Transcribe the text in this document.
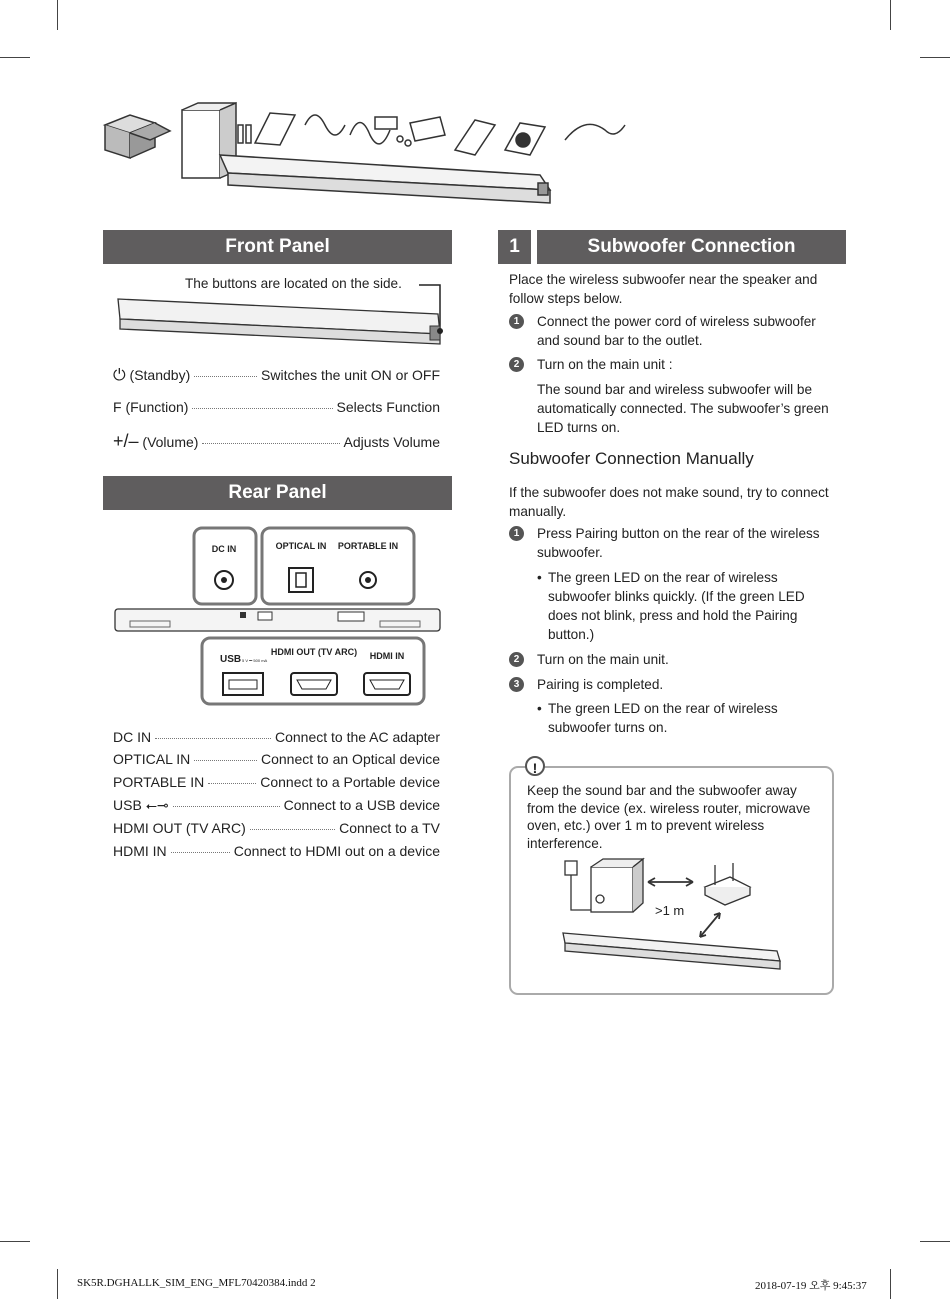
Front Panel
The buttons are located on the side.
⏻ (Standby)	Switches the unit ON or OFF
F (Function)	Selects Function
+/– (Volume)	Adjusts Volume
Rear Panel
DC IN	OPTICAL IN PORTABLE IN
USB 5 V ⎓ 500 mA
HDMI OUT (TV ARC) HDMI IN
DC IN	Connect to the AC adapter
OPTICAL IN	Connect to an Optical device
PORTABLE IN	Connect to a Portable device
USB ⭠⊸	Connect to a USB device
HDMI OUT (TV ARC)	Connect to a TV
HDMI IN	Connect to HDMI out on a device
1	Subwoofer Connection
Place the wireless subwoofer near the speaker and follow steps below.
1	Connect the power cord of wireless subwoofer and sound bar to the outlet.
2	Turn on the main unit :
The sound bar and wireless subwoofer will be automatically connected. The subwoofer’s green LED turns on.
Subwoofer Connection Manually
If the subwoofer does not make sound, try to connect manually.
1	Press Pairing button on the rear of the wireless subwoofer.
• The green LED on the rear of wireless subwoofer blinks quickly. (If the green LED does not blink, press and hold the Pairing button.)
2	Turn on the main unit.
3	Pairing is completed.
• The green LED on the rear of wireless subwoofer turns on.
!
Keep the sound bar and the subwoofer away from the device (ex. wireless router, microwave oven, etc.) over 1 m to prevent wireless interference.
>1 m
SK5R.DGHALLK_SIM_ENG_MFL70420384.indd 2	2018-07-19 오후 9:45:37
